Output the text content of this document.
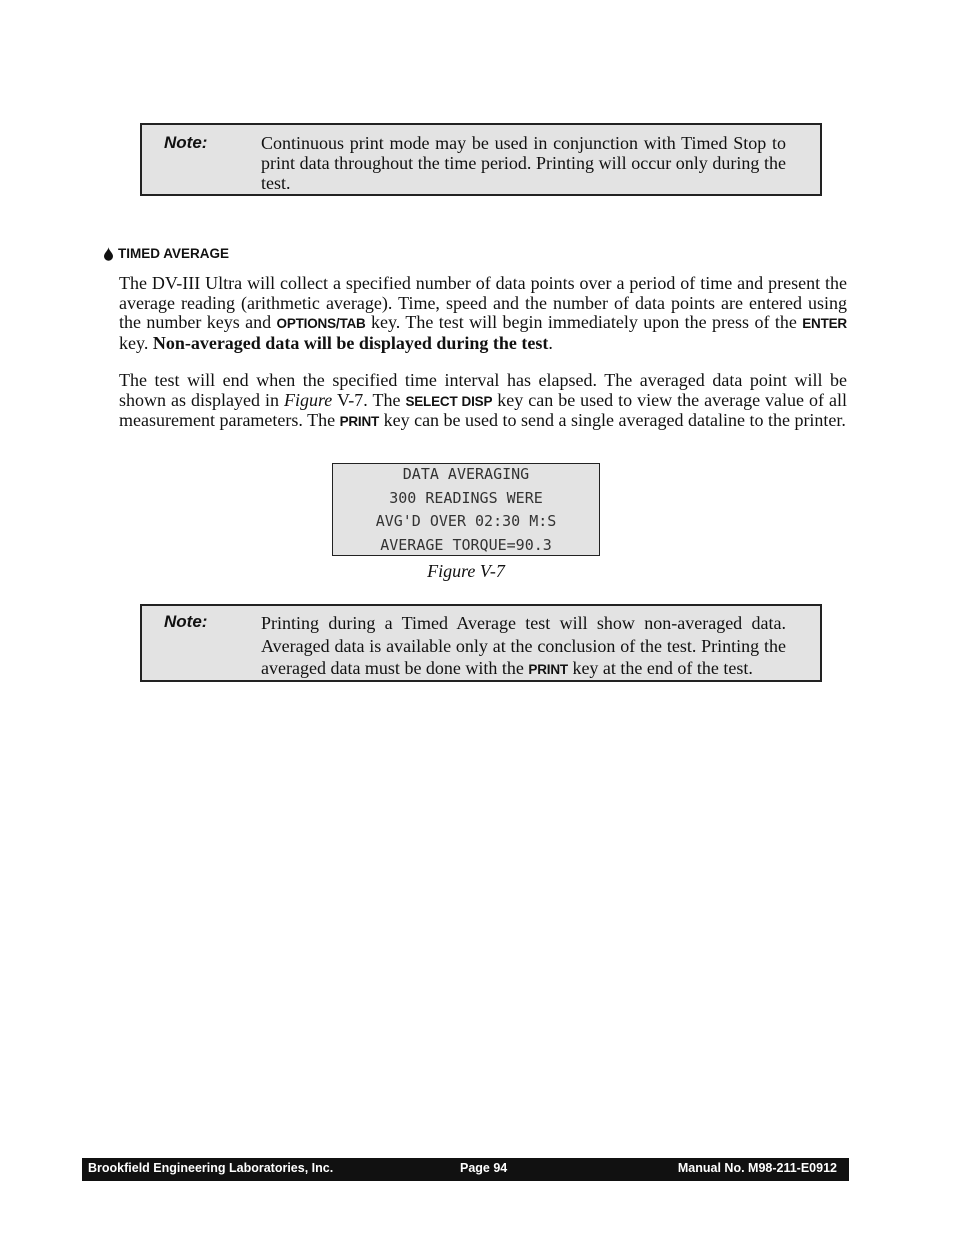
Note:	Continuous print mode may be used in conjunction with Timed Stop to print data throughout the time period. Printing will occur only during the test.
TIMED AVERAGE

The DV-III Ultra will collect a specified number of data points over a period of time and present the average reading (arithmetic average). Time, speed and the number of data points are entered using the number keys and OPTIONS/TAB key. The test will begin immediately upon the press of the ENTER key. Non-averaged data will be displayed during the test.

The test will end when the specified time interval has elapsed. The averaged data point will be shown as displayed in Figure V-7. The SELECT DISP key can be used to view the average value of all measurement parameters. The PRINT key can be used to send a single averaged dataline to the printer.

DATA AVERAGING
300 READINGS WERE
AVG'D OVER 02:30 M:S
AVERAGE TORQUE=90.3
Figure V-7
Note:	Printing during a Timed Average test will show non-averaged data. Averaged data is available only at the conclusion of the test. Printing the averaged data must be done with the PRINT key at the end of the test.
Brookfield Engineering Laboratories, Inc.	Page 94	Manual No. M98-211-E0912
